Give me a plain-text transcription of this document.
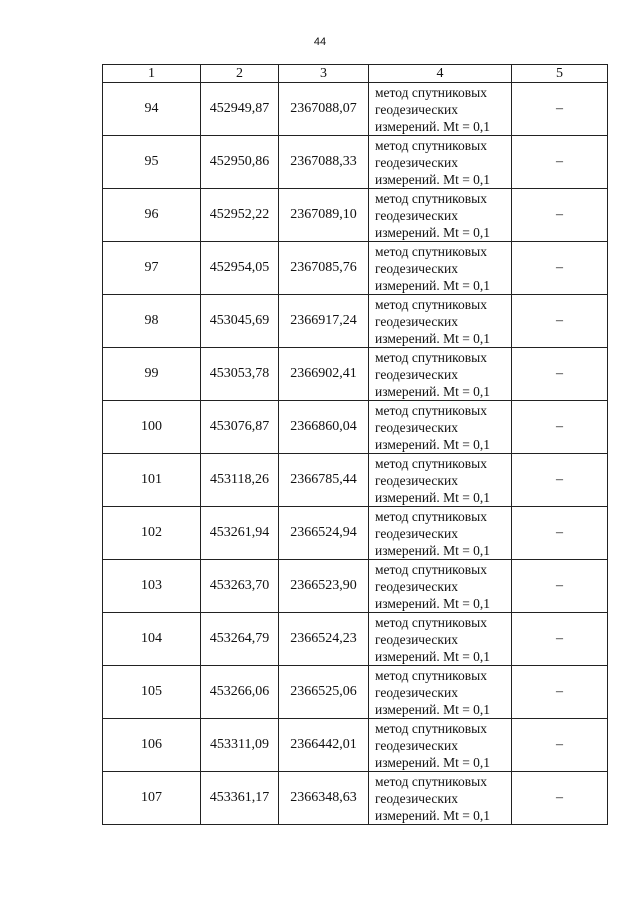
44
1	2	3	4	5
94	452949,87	2367088,07	метод спутниковых
геодезических
измерений. Mt = 0,1	–
95	452950,86	2367088,33	метод спутниковых
геодезических
измерений. Mt = 0,1	–
96	452952,22	2367089,10	метод спутниковых
геодезических
измерений. Mt = 0,1	–
97	452954,05	2367085,76	метод спутниковых
геодезических
измерений. Mt = 0,1	–
98	453045,69	2366917,24	метод спутниковых
геодезических
измерений. Mt = 0,1	–
99	453053,78	2366902,41	метод спутниковых
геодезических
измерений. Mt = 0,1	–
100	453076,87	2366860,04	метод спутниковых
геодезических
измерений. Mt = 0,1	–
101	453118,26	2366785,44	метод спутниковых
геодезических
измерений. Mt = 0,1	–
102	453261,94	2366524,94	метод спутниковых
геодезических
измерений. Mt = 0,1	–
103	453263,70	2366523,90	метод спутниковых
геодезических
измерений. Mt = 0,1	–
104	453264,79	2366524,23	метод спутниковых
геодезических
измерений. Mt = 0,1	–
105	453266,06	2366525,06	метод спутниковых
геодезических
измерений. Mt = 0,1	–
106	453311,09	2366442,01	метод спутниковых
геодезических
измерений. Mt = 0,1	–
107	453361,17	2366348,63	метод спутниковых
геодезических
измерений. Mt = 0,1	–
